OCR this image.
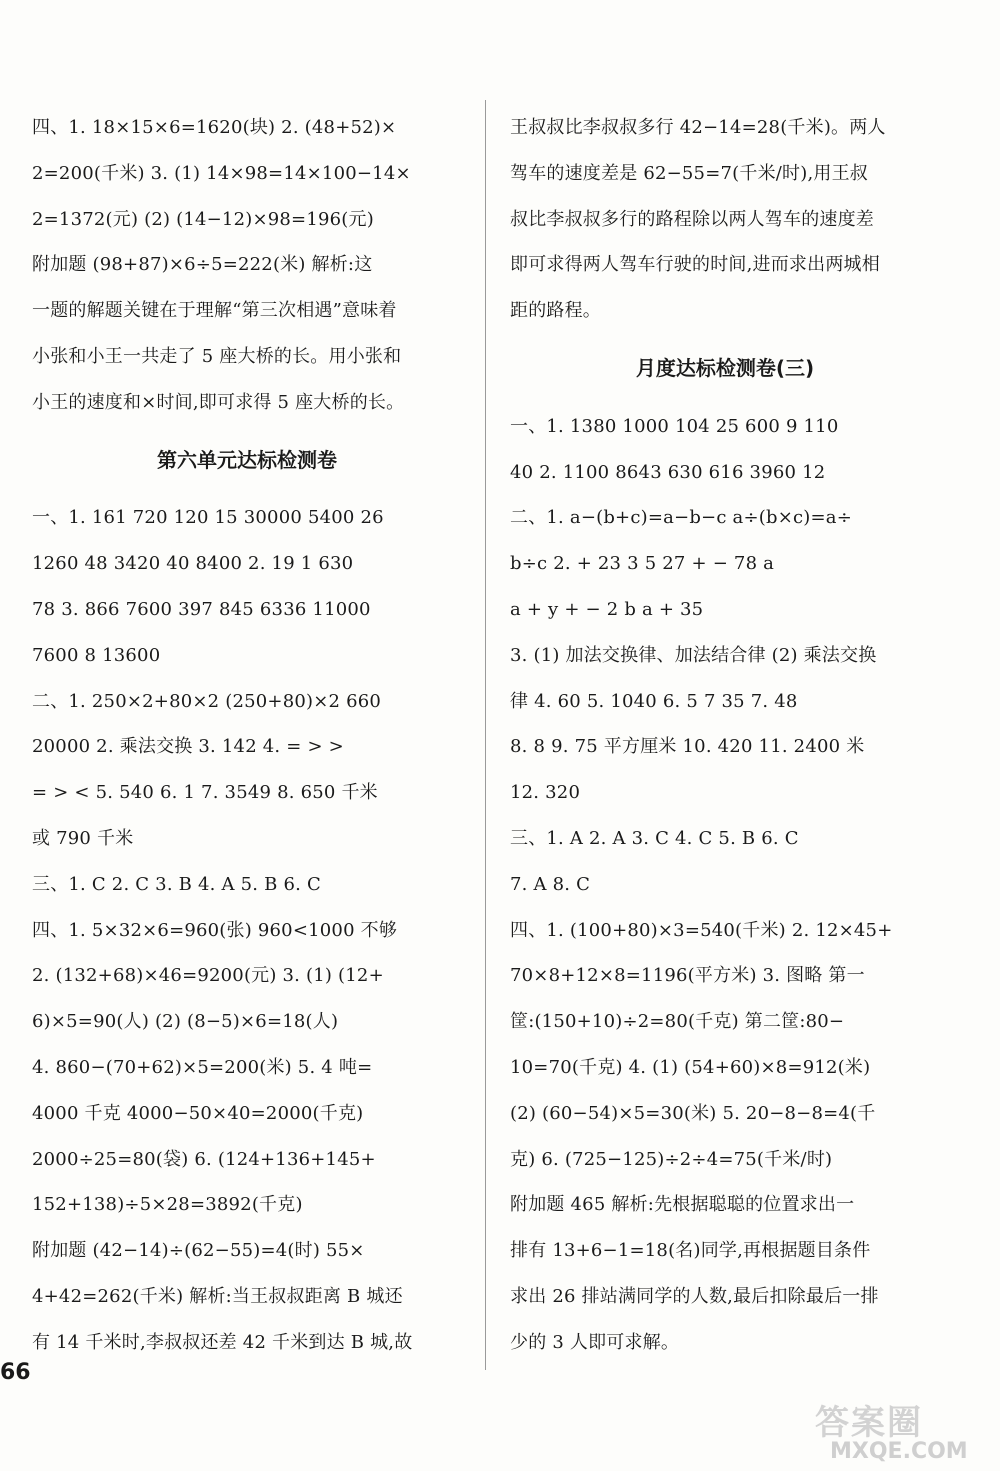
四、1. 18×15×6=1620(块) 2. (48+52)×
2=200(千米) 3. (1) 14×98=14×100−14×
2=1372(元) (2) (14−12)×98=196(元)
附加题 (98+87)×6÷5=222(米) 解析:这
一题的解题关键在于理解“第三次相遇”意味着
小张和小王一共走了 5 座大桥的长。用小张和
小王的速度和×时间,即可求得 5 座大桥的长。
第六单元达标检测卷
一、1. 161 720 120 15 30000 5400 26
1260 48 3420 40 8400 2. 19 1 630
78 3. 866 7600 397 845 6336 11000
7600 8 13600
二、1. 250×2+80×2 (250+80)×2 660
20000 2. 乘法交换 3. 142 4. = > >
= > < 5. 540 6. 1 7. 3549 8. 650 千米
或 790 千米
三、1. C 2. C 3. B 4. A 5. B 6. C
四、1. 5×32×6=960(张) 960<1000 不够
2. (132+68)×46=9200(元) 3. (1) (12+
6)×5=90(人) (2) (8−5)×6=18(人)
4. 860−(70+62)×5=200(米) 5. 4 吨=
4000 千克 4000−50×40=2000(千克)
2000÷25=80(袋) 6. (124+136+145+
152+138)÷5×28=3892(千克)
附加题 (42−14)÷(62−55)=4(时) 55×
4+42=262(千米) 解析:当王叔叔距离 B 城还
有 14 千米时,李叔叔还差 42 千米到达 B 城,故
王叔叔比李叔叔多行 42−14=28(千米)。两人
驾车的速度差是 62−55=7(千米/时),用王叔
叔比李叔叔多行的路程除以两人驾车的速度差
即可求得两人驾车行驶的时间,进而求出两城相
距的路程。
月度达标检测卷(三)
一、1. 1380 1000 104 25 600 9 110
40 2. 1100 8643 630 616 3960 12
二、1. a−(b+c)=a−b−c a÷(b×c)=a÷
b÷c 2. + 23 3 5 27 + − 78 a
a + y + − 2 b a + 35
3. (1) 加法交换律、加法结合律 (2) 乘法交换
律 4. 60 5. 1040 6. 5 7 35 7. 48
8. 8 9. 75 平方厘米 10. 420 11. 2400 米
12. 320
三、1. A 2. A 3. C 4. C 5. B 6. C
7. A 8. C
四、1. (100+80)×3=540(千米) 2. 12×45+
70×8+12×8=1196(平方米) 3. 图略 第一
筐:(150+10)÷2=80(千克) 第二筐:80−
10=70(千克) 4. (1) (54+60)×8=912(米)
(2) (60−54)×5=30(米) 5. 20−8−8=4(千
克) 6. (725−125)÷2÷4=75(千米/时)
附加题 465 解析:先根据聪聪的位置求出一
排有 13+6−1=18(名)同学,再根据题目条件
求出 26 排站满同学的人数,最后扣除最后一排
少的 3 人即可求解。
66
答案圈
MXQE.COM
